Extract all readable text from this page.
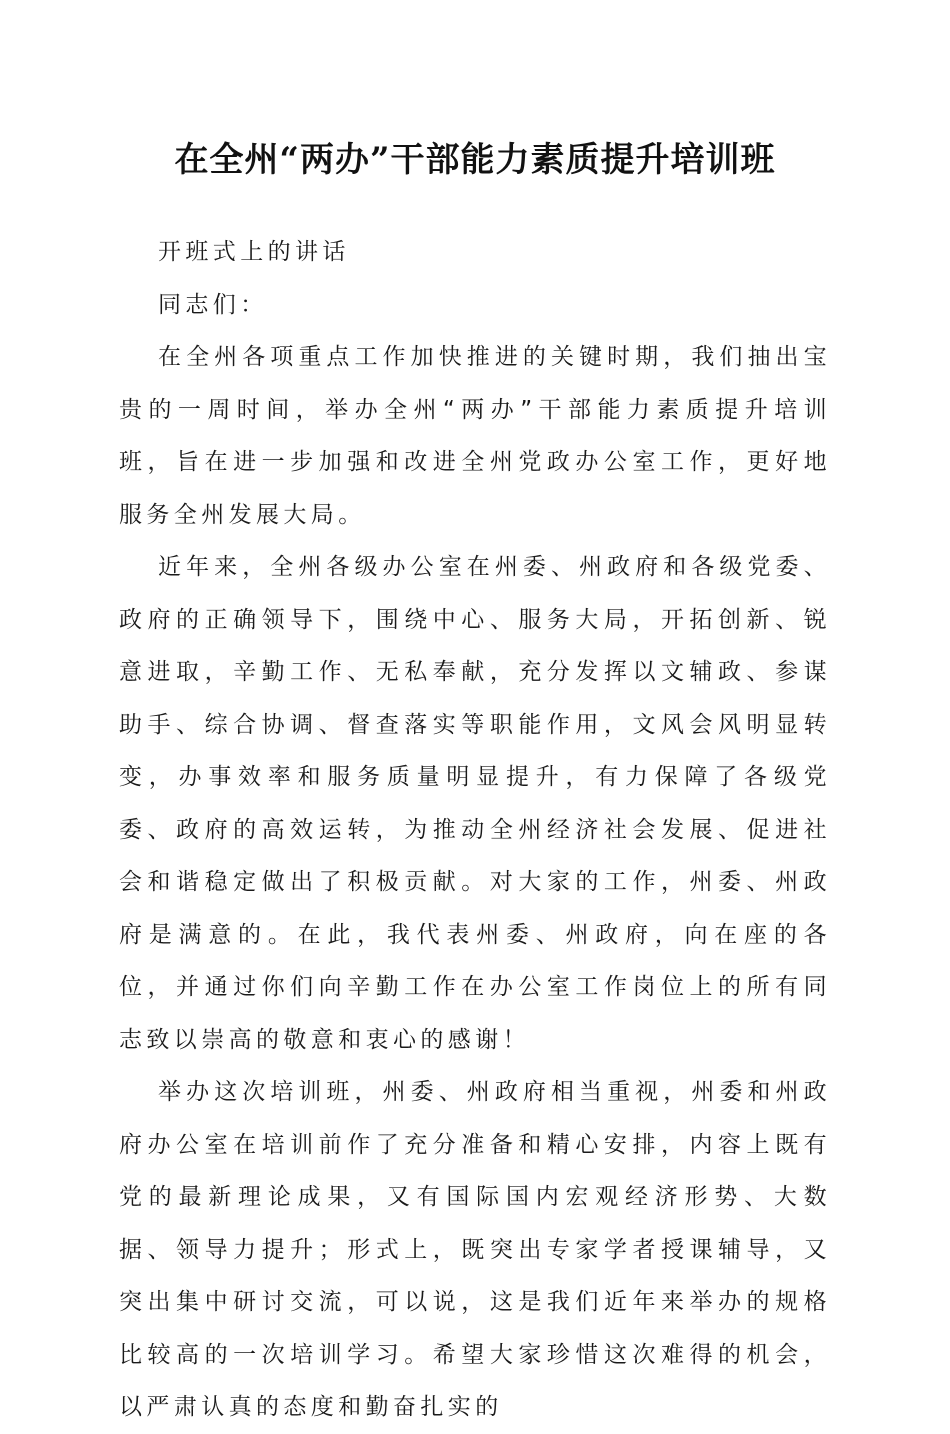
在全州“两办”干部能力素质提升培训班

开班式上的讲话

同志们：

在全州各项重点工作加快推进的关键时期，我们抽出宝贵的一周时间，举办全州“两办”干部能力素质提升培训班，旨在进一步加强和改进全州党政办公室工作，更好地服务全州发展大局。

近年来，全州各级办公室在州委、州政府和各级党委、政府的正确领导下，围绕中心、服务大局，开拓创新、锐意进取，辛勤工作、无私奉献，充分发挥以文辅政、参谋助手、综合协调、督查落实等职能作用，文风会风明显转变，办事效率和服务质量明显提升，有力保障了各级党委、政府的高效运转，为推动全州经济社会发展、促进社会和谐稳定做出了积极贡献。对大家的工作，州委、州政府是满意的。在此，我代表州委、州政府，向在座的各位，并通过你们向辛勤工作在办公室工作岗位上的所有同志致以崇高的敬意和衷心的感谢！

举办这次培训班，州委、州政府相当重视，州委和州政府办公室在培训前作了充分准备和精心安排，内容上既有党的最新理论成果，又有国际国内宏观经济形势、大数据、领导力提升；形式上，既突出专家学者授课辅导，又突出集中研讨交流，可以说，这是我们近年来举办的规格比较高的一次培训学习。希望大家珍惜这次难得的机会，以严肃认真的态度和勤奋扎实的
